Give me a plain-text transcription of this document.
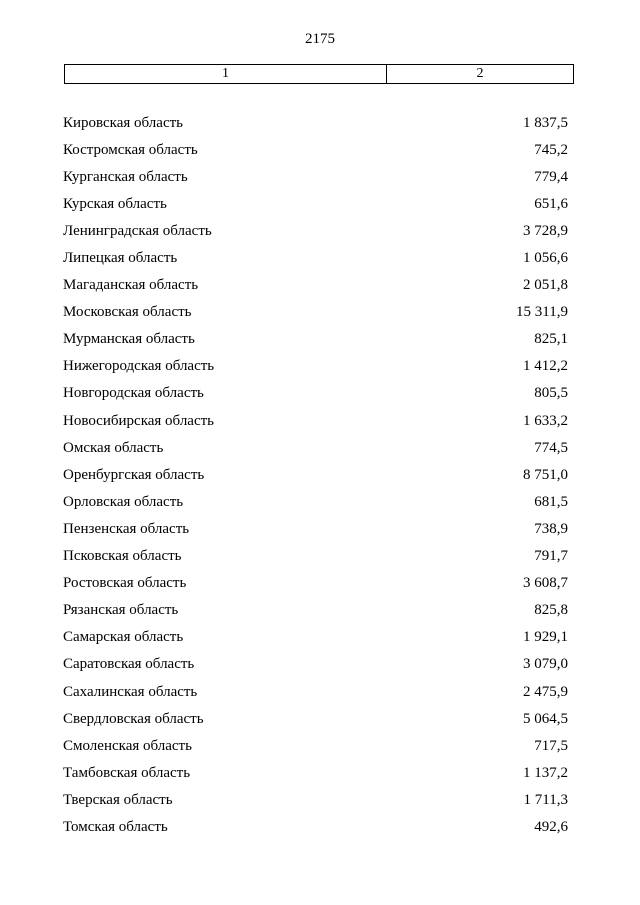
2175
1	2
Кировская область	1 837,5
Костромская область	745,2
Курганская область	779,4
Курская область	651,6
Ленинградская область	3 728,9
Липецкая область	1 056,6
Магаданская область	2 051,8
Московская область	15 311,9
Мурманская область	825,1
Нижегородская область	1 412,2
Новгородская область	805,5
Новосибирская область	1 633,2
Омская область	774,5
Оренбургская область	8 751,0
Орловская область	681,5
Пензенская область	738,9
Псковская область	791,7
Ростовская область	3 608,7
Рязанская область	825,8
Самарская область	1 929,1
Саратовская область	3 079,0
Сахалинская область	2 475,9
Свердловская область	5 064,5
Смоленская область	717,5
Тамбовская область	1 137,2
Тверская область	1 711,3
Томская область	492,6
